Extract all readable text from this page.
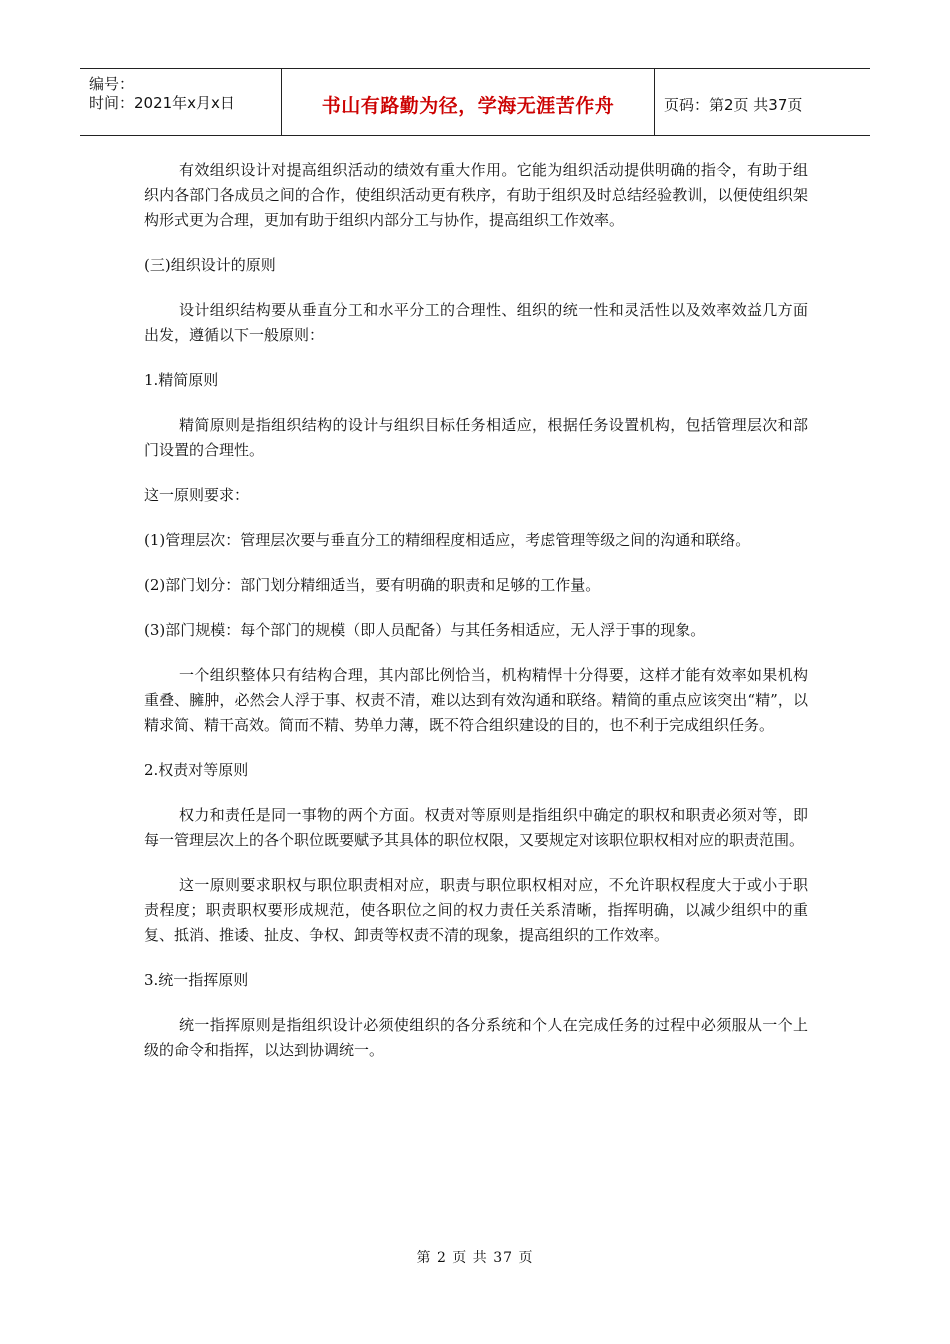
编号：
时间：2021年x月x日	书山有路勤为径，学海无涯苦作舟	页码：第2页 共37页

有效组织设计对提高组织活动的绩效有重大作用。它能为组织活动提供明确的指令，有助于组织内各部门各成员之间的合作，使组织活动更有秩序，有助于组织及时总结经验教训，以便使组织架构形式更为合理，更加有助于组织内部分工与协作，提高组织工作效率。

(三)组织设计的原则

设计组织结构要从垂直分工和水平分工的合理性、组织的统一性和灵活性以及效率效益几方面出发，遵循以下一般原则：

1.精简原则

精简原则是指组织结构的设计与组织目标任务相适应，根据任务设置机构，包括管理层次和部门设置的合理性。

这一原则要求：

(1)管理层次：管理层次要与垂直分工的精细程度相适应，考虑管理等级之间的沟通和联络。

(2)部门划分：部门划分精细适当，要有明确的职责和足够的工作量。

(3)部门规模：每个部门的规模（即人员配备）与其任务相适应，无人浮于事的现象。

一个组织整体只有结构合理，其内部比例恰当，机构精悍十分得要，这样才能有效率如果机构重叠、臃肿，必然会人浮于事、权责不清，难以达到有效沟通和联络。精简的重点应该突出“精”，以精求简、精干高效。简而不精、势单力薄，既不符合组织建设的目的，也不利于完成组织任务。

2.权责对等原则

权力和责任是同一事物的两个方面。权责对等原则是指组织中确定的职权和职责必须对等，即每一管理层次上的各个职位既要赋予其具体的职位权限，又要规定对该职位职权相对应的职责范围。

这一原则要求职权与职位职责相对应，职责与职位职权相对应，不允许职权程度大于或小于职责程度；职责职权要形成规范，使各职位之间的权力责任关系清晰，指挥明确，以减少组织中的重复、抵消、推诿、扯皮、争权、卸责等权责不清的现象，提高组织的工作效率。

3.统一指挥原则

统一指挥原则是指组织设计必须使组织的各分系统和个人在完成任务的过程中必须服从一个上级的命令和指挥，以达到协调统一。

第 2 页 共 37 页
